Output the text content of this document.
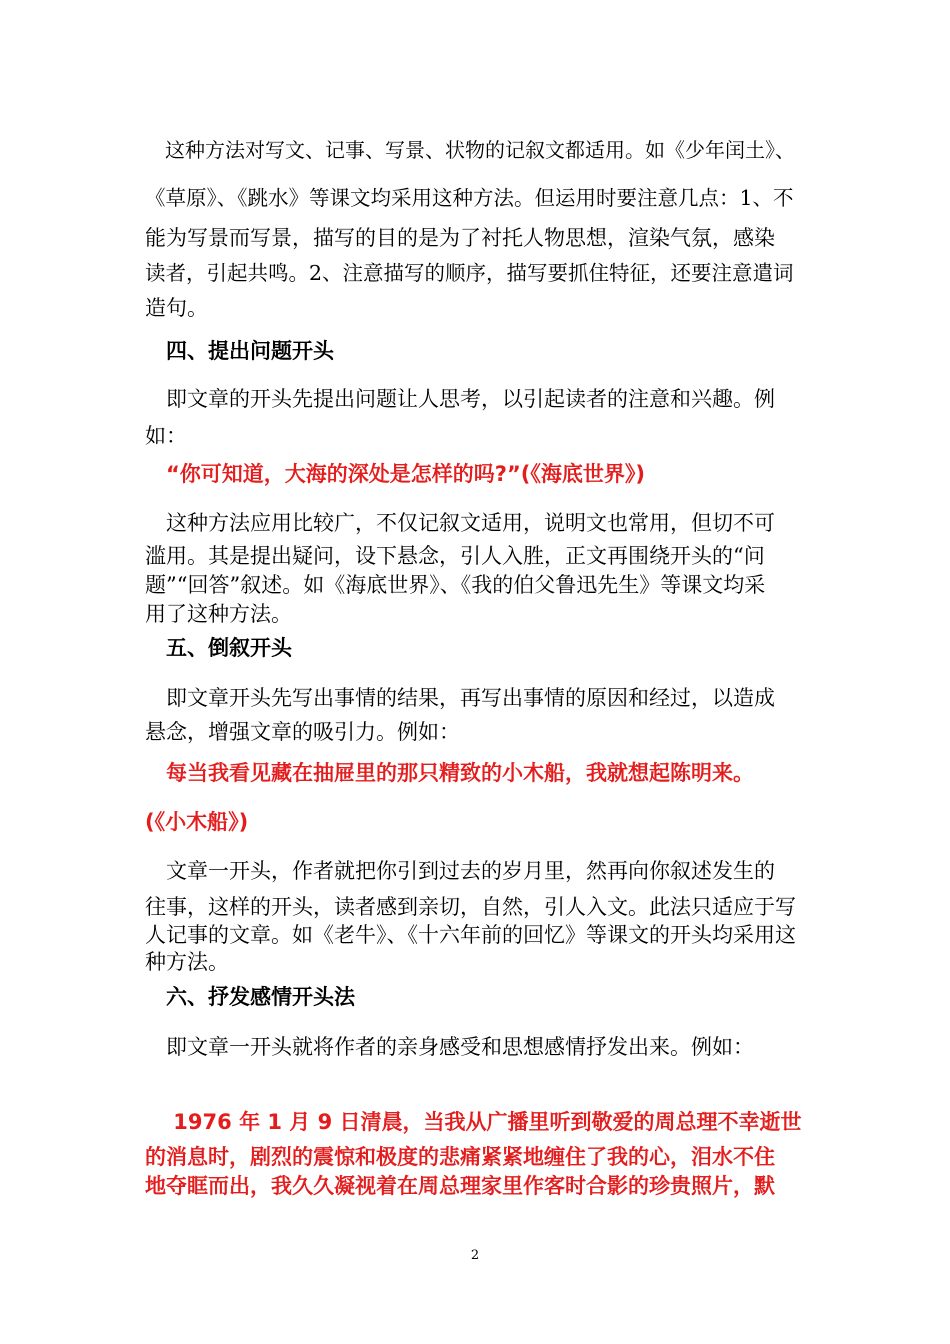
　这种方法对写文、记事、写景、状物的记叙文都适用。如《少年闰土》、

《草原》、《跳水》等课文均采用这种方法。但运用时要注意几点：1、不

能为写景而写景，描写的目的是为了衬托人物思想，渲染气氛，感染

读者，引起共鸣。2、注意描写的顺序，描写要抓住特征，还要注意遣词

造句。

　四、提出问题开头

　即文章的开头先提出问题让人思考，以引起读者的注意和兴趣。例

如：

　“你可知道，大海的深处是怎样的吗?”(《海底世界》)

　这种方法应用比较广，不仅记叙文适用，说明文也常用，但切不可

滥用。其是提出疑问，设下悬念，引人入胜，正文再围绕开头的“问

题”“回答”叙述。如《海底世界》、《我的伯父鲁迅先生》等课文均采

用了这种方法。

　五、倒叙开头

　即文章开头先写出事情的结果，再写出事情的原因和经过，以造成

悬念，增强文章的吸引力。例如：

　每当我看见藏在抽屉里的那只精致的小木船，我就想起陈明来。

(《小木船》)

　文章一开头，作者就把你引到过去的岁月里，然再向你叙述发生的

往事，这样的开头，读者感到亲切，自然，引人入文。此法只适应于写

人记事的文章。如《老牛》、《十六年前的回忆》等课文的开头均采用这

种方法。

　六、抒发感情开头法

　即文章一开头就将作者的亲身感受和思想感情抒发出来。例如：

　 1976 年 1 月 9 日清晨，当我从广播里听到敬爱的周总理不幸逝世

的消息时，剧烈的震惊和极度的悲痛紧紧地缠住了我的心，泪水不住

地夺眶而出，我久久凝视着在周总理家里作客时合影的珍贵照片，默

2
